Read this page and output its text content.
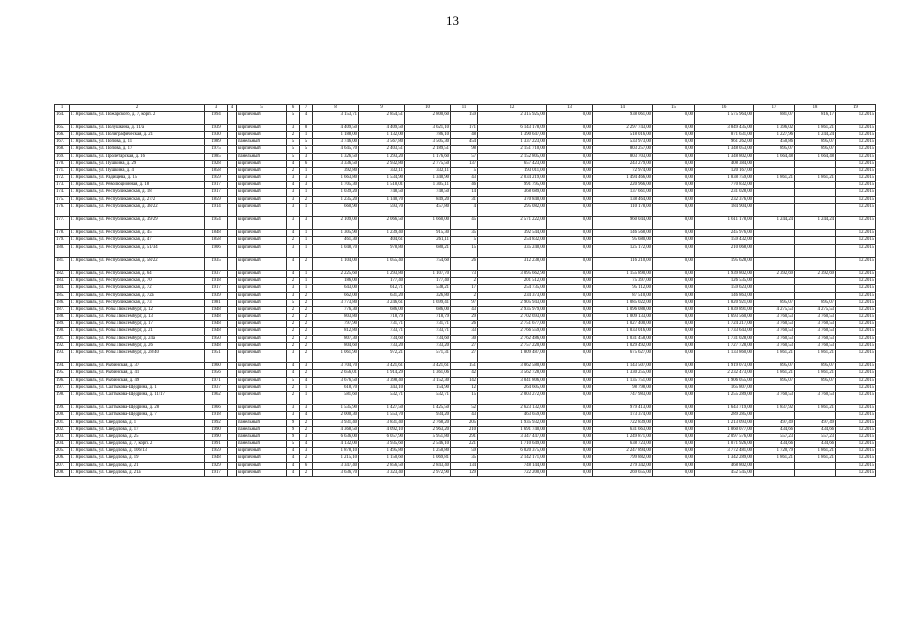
13
1	2	3	4	5	6	7	8	9	10	11	12	13	14	15	16	17	18	19
164.	Г. Ярославль, ул. Пожарского, д. 7, корп. 2	1994		кирпичный	5	4	3 153,71	2 854,51	2 800,60	159	2 315 925,00	0,00	938 061,00	0,00	1 575 964,00	881,07	816,17	12.2015
165.	Г. Ярославль, ул. Полушкина, д. 11/а	1939		кирпичный	3	8	4 409,50	4 409,50	3 621,10	171	6 143 178,09	0,00	2 297 743,00	0,00	3 849 435,00	1 396,02	1 861,21	12.2015
166.	Г. Ярославль, ул. Полиграфическая, д. 21	1930		кирпичный	2	1	1 188,00	1 132,00	786,10	48	1 390 647,00	0,00	518 016,00	0,00	871 631,00	1 227,96	1 244,24	12.2015
167.	Г. Ярославль, ул. Попова, д. 11	1989		панельный	5	5	3 746,00	3 567,80	3 505,30	454	1 337 223,00	0,00	533 973,00	0,00	961 262,00	450,86	895,07	12.2015
168.	Г. Ярославль, ул. Попова, д. 17	1975		кирпичный	5	5	4 645,70	2 403,51	2 189,51	98	2 151 710,00	0,00	803 257,00	0,00	1 348 053,00	895,07	895,07	12.2015
169.	Г. Ярославль, ул. Пролетарская, д. 16	1985		панельный	5	3	1 326,50	1 293,20	1 176,60	57	2 152 805,00	0,00	803 703,00	0,00	1 348 802,00	1 664,48	1 664,48	12.2015
170.	Г. Ярославль, ул. Пушкина, д. 29	1928		кирпичный	4	6	3 336,50	2 932,80	2 775,50	137	657 423,00	0,00	243 279,00	0,00	408 384,00			12.2015
171.	Г. Ярославль, ул. Пушкина, д. 4	1858		кирпичный	2	1	392,80	332,11	332,11	5	193 011,00	0,00	72 974,00	0,00	120 167,00			12.2015
172.	Г. Ярославль, ул. Радищева, д. 15	1959		кирпичный	3	3	1 663,80	1 534,90	1 340,90	43	2 034 219,00	0,00	1 494 466,00	0,00	1 838 759,00	1 861,21	1 861,21	12.2015
173.	Г. Ярославль, ул. Революционная, д. 18	1917		кирпичный	4	3	1 705,30	1 518,01	1 305,11	46	991 795,00	0,00	220 966,00	0,00	770 832,00			12.2015
174.	Г. Ярославль, ул. Республиканская, д. 18	1917		кирпичный	3	1	1 039,20	748,50	748,50	14	368 689,00	0,00	137 661,00	0,00	231 028,00			12.2015
175.	Г. Ярославль, ул. Республиканская, д. 27/2	1859		кирпичный	3	2	1 235,20	1 140,70	849,20	31	370 840,00	0,00	138 464,00	0,00	232 376,00			12.2015
176.	Г. Ярославль, ул. Республиканская, д. 38/22	1914		кирпичный	3	1	660,90	593,70	457,80	4	295 082,00	0,00	110 178,00	0,00	184 904,00			12.2015
177.	Г. Ярославль, ул. Республиканская, д. 39/29	1954		кирпичный	3	3	2 109,00	2 066,50	1 660,00	45	2 571 222,00	0,00	960 044,00	0,00	1 611 178,00	1 244,24	1 244,24	12.2015
178.	Г. Ярославль, ул. Республиканская, д. 45	1848		кирпичный	4	1	1 305,90	1 239,40	915,30	35	392 544,00	0,00	146 568,00	0,00	245 976,00			12.2015
179.	Г. Ярославль, ул. Республиканская, д. 47	1858		кирпичный	2	1	461,30	404,61	261,11	5	254 832,00	0,00	95 680,00	0,00	159 432,00			12.2015
180.	Г. Ярославль, ул. Республиканская, д. 51/34	1906		кирпичный	3	1	1 048,70	978,80	680,21	15	335 240,00	0,00	125 172,00	0,00	210 068,00			12.2015
181.	Г. Ярославль, ул. Республиканская, д. 58/22	1935		кирпичный	4	2	1 104,00	1 055,40	754,60	26	312 238,00	0,00	116 210,00	0,00	195 628,00			12.2015
182.	Г. Ярославль, ул. Республиканская, д. 64	1937		кирпичный	4	1	2 225,60	1 293,80	1 107,70	73	3 095 662,90	0,00	1 155 890,00	0,00	1 939 802,00	2 392,69	2 392,69	12.2015
183.	Г. Ярославль, ул. Республиканская, д. 70	1918		кирпичный	2	1	186,00	177,40	177,40	2	201 512,00	0,00	75 397,00	0,00	126 535,00			12.2015
184.	Г. Ярославль, ул. Республиканская, д. 72	1917		кирпичный	3	1	643,00	612,71	538,21	17	254 735,00	0,00	95 112,00	0,00	159 623,00			12.2015
185.	Г. Ярославль, ул. Республиканская, д. 72а	1939		кирпичный	3	2	662,00	631,20	326,80	2	234 373,00	0,00	87 510,00	0,00	146 863,00			12.2015
186.	Г. Ярославль, ул. Республиканская, д. 73	1981		кирпичный	5	2	3 773,80	3 246,61	1 699,41	97	2 905 943,00	0,00	1 085 022,00	0,00	1 820 921,00	895,07	895,07	12.2015
187.	Г. Ярославль, ул. Розы Люксембург, д. 12	1948		кирпичный	2	2	776,30	686,00	686,00	43	2 935 979,00	0,00	1 096 088,00	0,00	1 839 891,00	4 275,53	4 275,53	12.2015
188.	Г. Ярославль, ул. Розы Люксембург, д. 13	1948		кирпичный	2	2	803,80	718,79	718,79	29	2 702 693,00	0,00	1 009 133,00	0,00	1 693 560,00	3 760,53	3 760,53	12.2015
189.	Г. Ярославль, ул. Розы Люксембург, д. 17	1948		кирпичный	2	2	797,90	731,71	731,71	26	2 751 677,00	0,00	1 027 400,00	0,00	1 724 217,00	3 760,53	3 760,53	12.2015
190.	Г. Ярославль, ул. Розы Люксембург, д. 21	1948		кирпичный	2	2	812,80	733,71	733,71	33	2 766 559,00	0,00	1 033 016,00	0,00	1 733 643,00	3 760,53	3 760,53	12.2015
191.	Г. Ярославль, ул. Розы Люксембург, д. 24а	1950		кирпичный	2	2	807,30	734,60	734,60	30	2 762 486,00	0,00	1 031 458,00	0,00	1 731 028,00	3 760,53	3 760,53	12.2015
192.	Г. Ярославль, ул. Розы Люксембург, д. 26	1948		кирпичный	2	2	804,60	733,20	733,20	27	2 757 220,00	0,00	1 029 492,00	0,00	1 727 728,00	3 760,53	3 760,53	12.2015
193.	Г. Ярославль, ул. Розы Люксембург, д. 28/40	1951		кирпичный	3	2	1 061,90	972,21	571,31	27	1 809 487,00	0,00	675 627,00	0,00	1 133 860,00	1 861,21	1 861,21	12.2015
194.	Г. Ярославль, ул. Рыбинская, д. 37	1960		кирпичный	4	3	3 704,70	3 421,61	3 421,61	151	3 062 580,00	0,00	1 143 507,00	0,00	1 919 073,00	895,07	895,07	12.2015
195.	Г. Ярославль, ул. Рыбинская, д. 41	1956		кирпичный	4	2	2 656,01	1 914,29	1 361,06	42	3 562 728,00	0,00	1 330 255,00	0,00	2 232 473,00	1 861,21	1 861,21	12.2015
196.	Г. Ярославль, ул. Рыбинская, д. 49	1971		кирпичный	5	4	3 676,50	3 398,40	3 152,30	142	3 041 806,00	0,00	1 135 751,00	0,00	1 906 055,00	895,07	895,07	12.2015
197.	Г. Ярославль, ул. Салтыкова-Щедрина, д. 1	1937		кирпичный	2	1	618,70	343,10	154,90	12	264 605,00	0,00	98 798,00	0,00	165 807,00			12.2015
198.	Г. Ярославль, ул. Салтыкова-Щедрина, д. 11/17	1962		кирпичный	2	1	581,60	532,71	532,71	15	2 003 272,00	0,00	747 983,00	0,00	1 255 289,00	3 760,53	3 760,53	12.2015
199.	Г. Ярославль, ул. Салтыкова-Щедрина, д. 28	1966		кирпичный	3	3	1 535,90	1 427,50	1 425,50	52	2 623 132,00	0,00	979 413,00	0,00	1 643 719,00	1 837,92	1 861,21	12.2015
200.	Г. Ярославль, ул. Салтыкова-Щедрина, д. 7	1918		кирпичный	3	4	2 000,30	1 553,70	934,20	43	463 659,00	0,00	173 374,00	0,00	289 285,00			12.2015
201.	Г. Ярославль, ул. Свердлова, д. 1	1992		панельный	9	2	3 931,40	3 831,40	2 768,20	205	1 935 932,00	0,00	722 839,00	0,00	1 213 093,00	497,49	497,49	12.2015
202.	Г. Ярославль, ул. Свердлова, д. 17	1990		панельный	9	2	4 368,50	4 092,10	2 963,20	210	1 691 740,00	0,00	631 663,00	0,00	1 060 077,00	434,66	434,66	12.2015
203.	Г. Ярославль, ул. Свердлова, д. 25	1990		панельный	9	3	6 636,00	6 057,90	5 951,80	291	3 347 447,00	0,00	1 249 871,00	0,00	2 097 576,00	557,23	557,23	12.2015
204.	Г. Ярославль, ул. Свердлова, д. 7, корп. 2	1991		панельный	5	4	4 132,00	3 935,60	2 546,10	221	1 710 649,00	0,00	638 723,00	0,00	1 071 926,00	434,66	434,66	12.2015
205.	Г. Ярославль, ул. Свердлова, д. 106/13	1959		кирпичный	4	3	1 878,10	1 495,80	1 250,80	59	6 020 375,00	0,00	2 247 894,00	0,00	3 772 481,00	1 720,79	1 861,21	12.2015
206.	Г. Ярославль, ул. Свердлова, д. 19	1948		кирпичный	4	2	1 215,10	1 150,60	1 069,81	35	2 142 171,00	0,00	799 882,00	0,00	1 342 289,00	1 861,21	1 861,21	12.2015
207.	Г. Ярославль, ул. Свердлова, д. 21	1929		кирпичный	4	6	3 347,40	2 856,50	2 843,40	134	748 144,00	0,00	279 342,00	0,00	468 802,00			12.2015
208.	Г. Ярославль, ул. Свердлова, д. 21а	1917		кирпичный	4	2	3 636,70	3 323,40	2 972,90	129	722 200,00	0,00	269 655,00	0,00	452 545,00			12.2015
